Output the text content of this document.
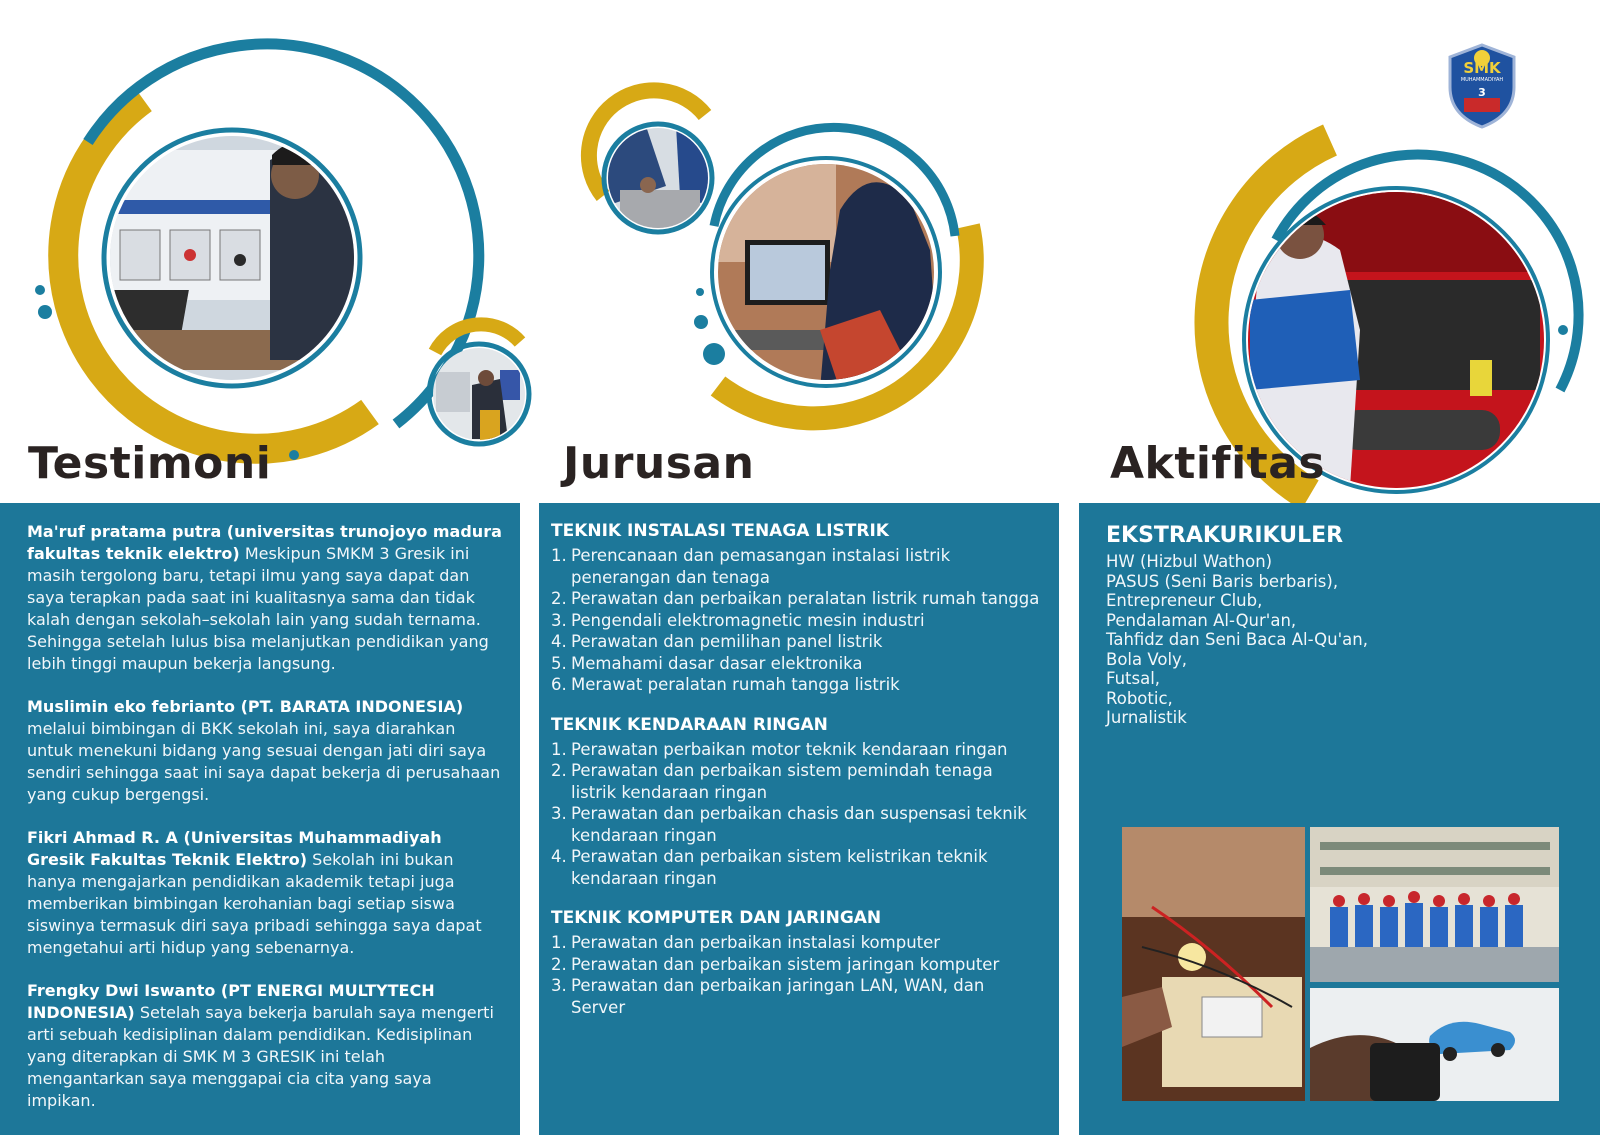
SMK
MUHAMMADIYAH
3
Testimoni	Jurusan	Aktifitas

Ma'ruf pratama putra (universitas trunojoyo madura fakultas teknik elektro) Meskipun SMKM 3 Gresik ini masih tergolong baru, tetapi ilmu yang saya dapat dan saya terapkan pada saat ini kualitasnya sama dan tidak kalah dengan sekolah–sekolah lain yang sudah ternama. Sehingga setelah lulus bisa melanjutkan pendidikan yang lebih tinggi maupun bekerja langsung.

Muslimin eko febrianto (PT. BARATA INDONESIA) melalui bimbingan di BKK sekolah ini, saya diarahkan untuk menekuni bidang yang sesuai dengan jati diri saya sendiri sehingga saat ini saya dapat bekerja di perusahaan yang cukup bergengsi.

Fikri Ahmad R. A (Universitas Muhammadiyah Gresik Fakultas Teknik Elektro) Sekolah ini bukan hanya mengajarkan pendidikan akademik tetapi juga memberikan bimbingan kerohanian bagi setiap siswa siswinya termasuk diri saya pribadi sehingga saya dapat mengetahui arti hidup yang sebenarnya.

Frengky Dwi Iswanto (PT ENERGI MULTYTECH INDONESIA) Setelah saya bekerja barulah saya mengerti arti sebuah kedisiplinan dalam pendidikan. Kedisiplinan yang diterapkan di SMK M 3 GRESIK ini telah mengantarkan saya menggapai cia cita yang saya impikan.

TEKNIK INSTALASI TENAGA LISTRIK
1. Perencanaan dan pemasangan instalasi listrik penerangan dan tenaga
2. Perawatan dan perbaikan peralatan listrik rumah tangga
3. Pengendali elektromagnetic mesin industri
4. Perawatan dan pemilihan panel listrik
5. Memahami dasar dasar elektronika
6. Merawat peralatan rumah tangga listrik
TEKNIK KENDARAAN RINGAN
1. Perawatan perbaikan motor teknik kendaraan ringan
2. Perawatan dan perbaikan sistem pemindah tenaga listrik kendaraan ringan
3. Perawatan dan perbaikan chasis dan suspensasi teknik kendaraan ringan
4. Perawatan dan perbaikan sistem kelistrikan teknik kendaraan ringan
TEKNIK KOMPUTER DAN JARINGAN
1. Perawatan dan perbaikan instalasi komputer
2. Perawatan dan perbaikan sistem jaringan komputer
3. Perawatan dan perbaikan jaringan LAN, WAN, dan Server
EKSTRAKURIKULER
HW (Hizbul Wathon)
PASUS (Seni Baris berbaris),
Entrepreneur Club,
Pendalaman Al-Qur'an,
Tahfidz dan Seni Baca Al-Qu'an,
Bola Voly,
Futsal,
Robotic,
Jurnalistik
